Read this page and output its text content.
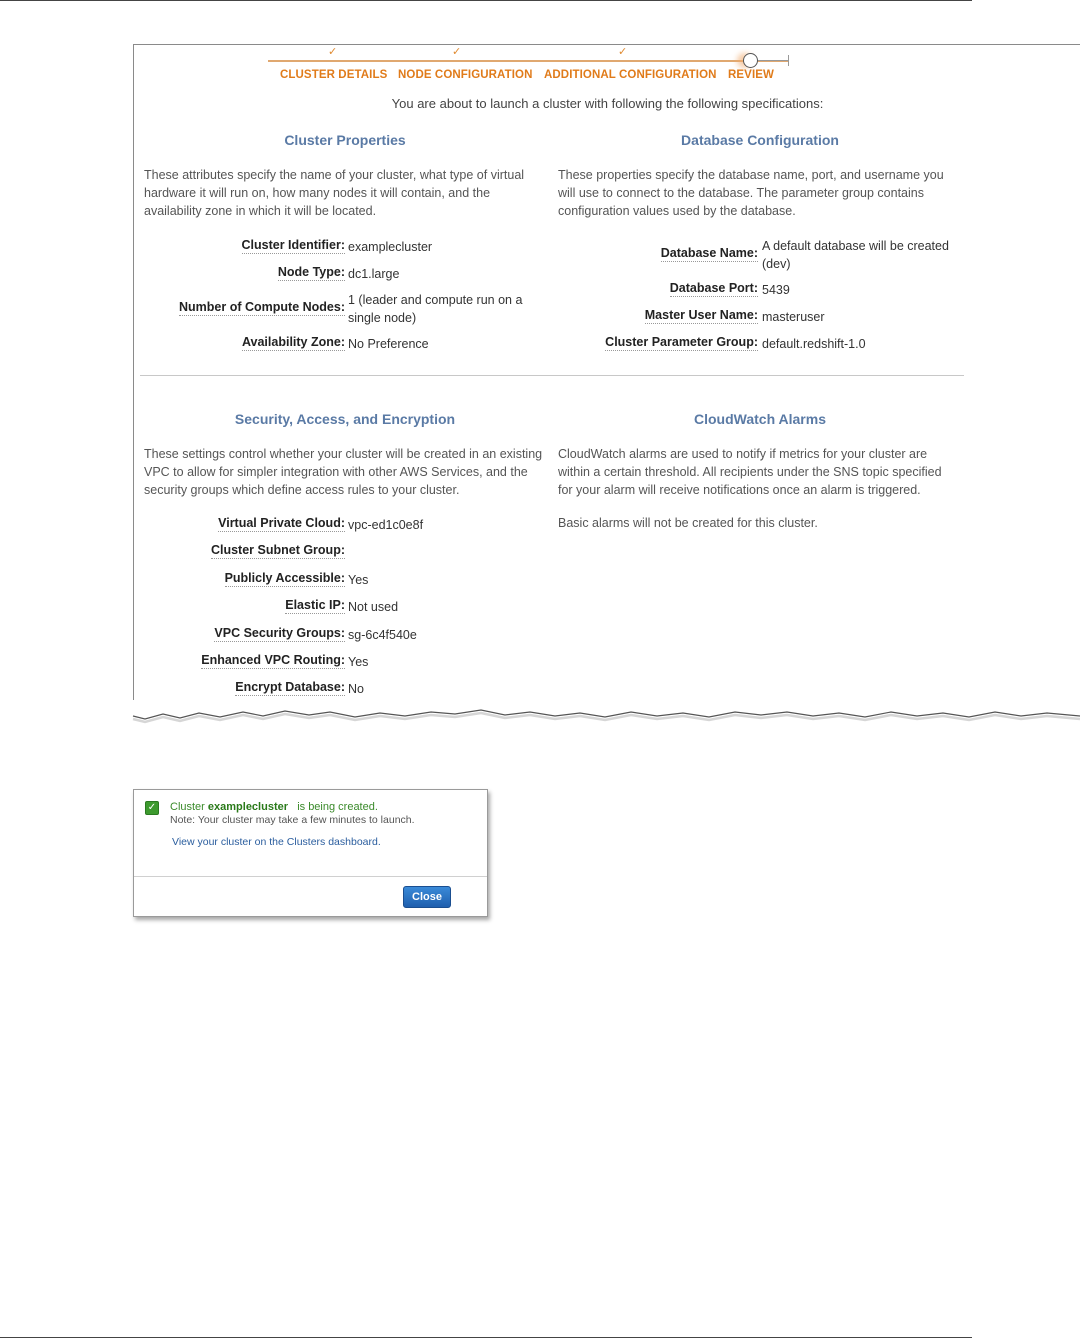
✓	✓	✓
CLUSTER DETAILS NODE CONFIGURATION ADDITIONAL CONFIGURATION REVIEW
You are about to launch a cluster with following the following specifications:
Cluster Properties
These attributes specify the name of your cluster, what type of virtual hardware it will run on, how many nodes it will contain, and the availability zone in which it will be located.
Cluster Identifier: examplecluster
Node Type: dc1.large
Number of Compute Nodes: 1 (leader and compute run on a single node)
Availability Zone: No Preference
Database Configuration
These properties specify the database name, port, and username you will use to connect to the database. The parameter group contains configuration values used by the database.
Database Name: A default database will be created (dev)
Database Port: 5439
Master User Name: masteruser
Cluster Parameter Group: default.redshift-1.0
Security, Access, and Encryption
These settings control whether your cluster will be created in an existing VPC to allow for simpler integration with other AWS Services, and the security groups which define access rules to your cluster.
Virtual Private Cloud: vpc-ed1c0e8f
Cluster Subnet Group:
Publicly Accessible: Yes
Elastic IP: Not used
VPC Security Groups: sg-6c4f540e
Enhanced VPC Routing: Yes
Encrypt Database: No
CloudWatch Alarms
CloudWatch alarms are used to notify if metrics for your cluster are within a certain threshold. All recipients under the SNS topic specified for your alarm will receive notifications once an alarm is triggered.
Basic alarms will not be created for this cluster.
✓ Cluster examplecluster is being created.
Note: Your cluster may take a few minutes to launch.
View your cluster on the Clusters dashboard.
Close
